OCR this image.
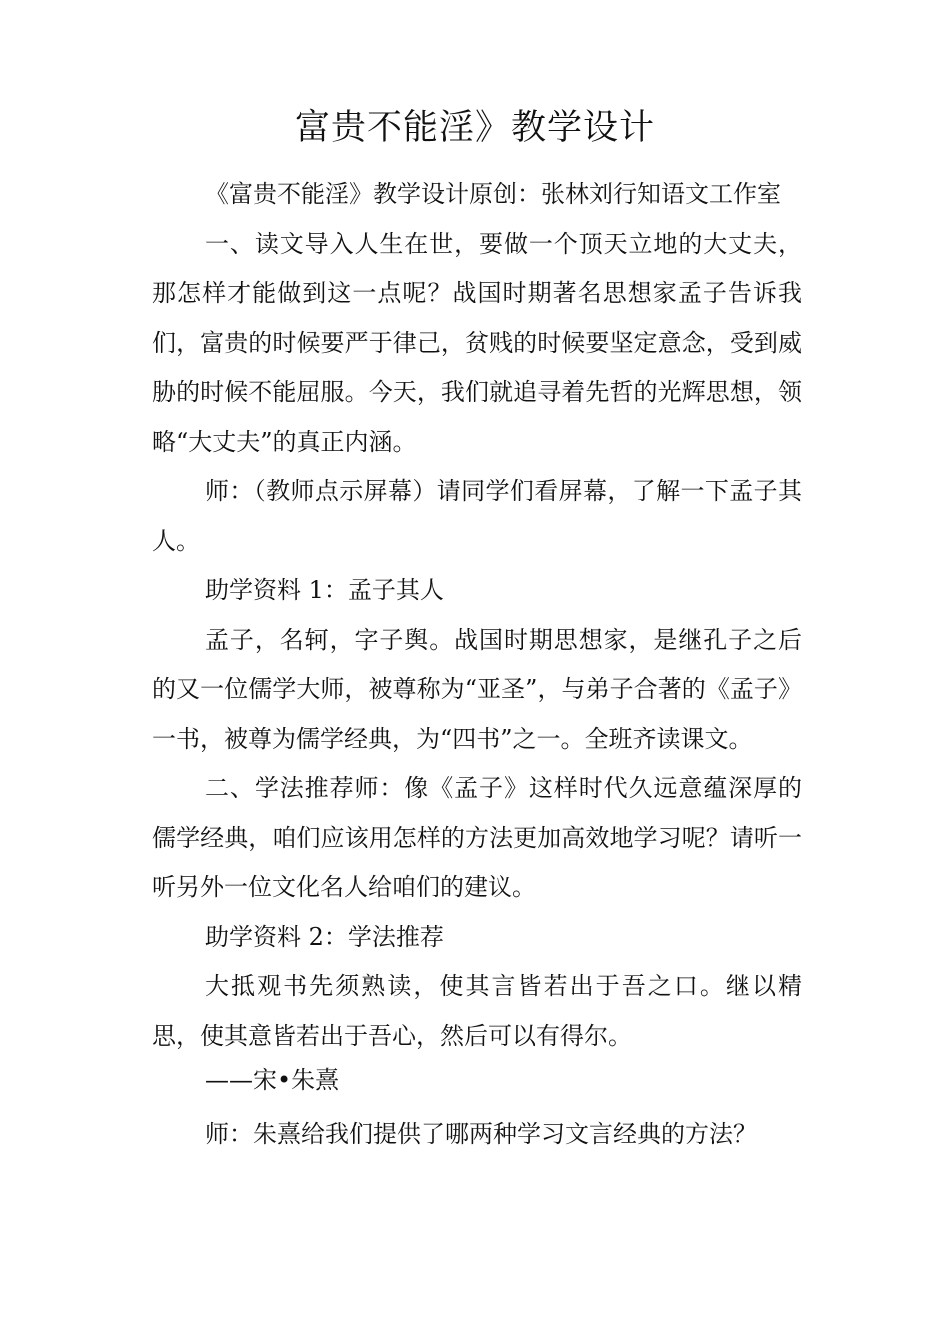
富贵不能淫》教学设计

《富贵不能淫》教学设计原创：张林刘行知语文工作室

一、读文导入人生在世，要做一个顶天立地的大丈夫，那怎样才能做到这一点呢？战国时期著名思想家孟子告诉我们，富贵的时候要严于律己，贫贱的时候要坚定意念，受到威胁的时候不能屈服。今天，我们就追寻着先哲的光辉思想，领略“大丈夫”的真正内涵。

师：（教师点示屏幕）请同学们看屏幕，了解一下孟子其人。

助学资料 1：孟子其人

孟子，名轲，字子舆。战国时期思想家，是继孔子之后的又一位儒学大师，被尊称为“亚圣”，与弟子合著的《孟子》一书，被尊为儒学经典，为“四书”之一。全班齐读课文。

二、学法推荐师：像《孟子》这样时代久远意蕴深厚的儒学经典，咱们应该用怎样的方法更加高效地学习呢？请听一听另外一位文化名人给咱们的建议。

助学资料 2：学法推荐

大抵观书先须熟读，使其言皆若出于吾之口。继以精思，使其意皆若出于吾心，然后可以有得尔。

——宋•朱熹

师：朱熹给我们提供了哪两种学习文言经典的方法？
